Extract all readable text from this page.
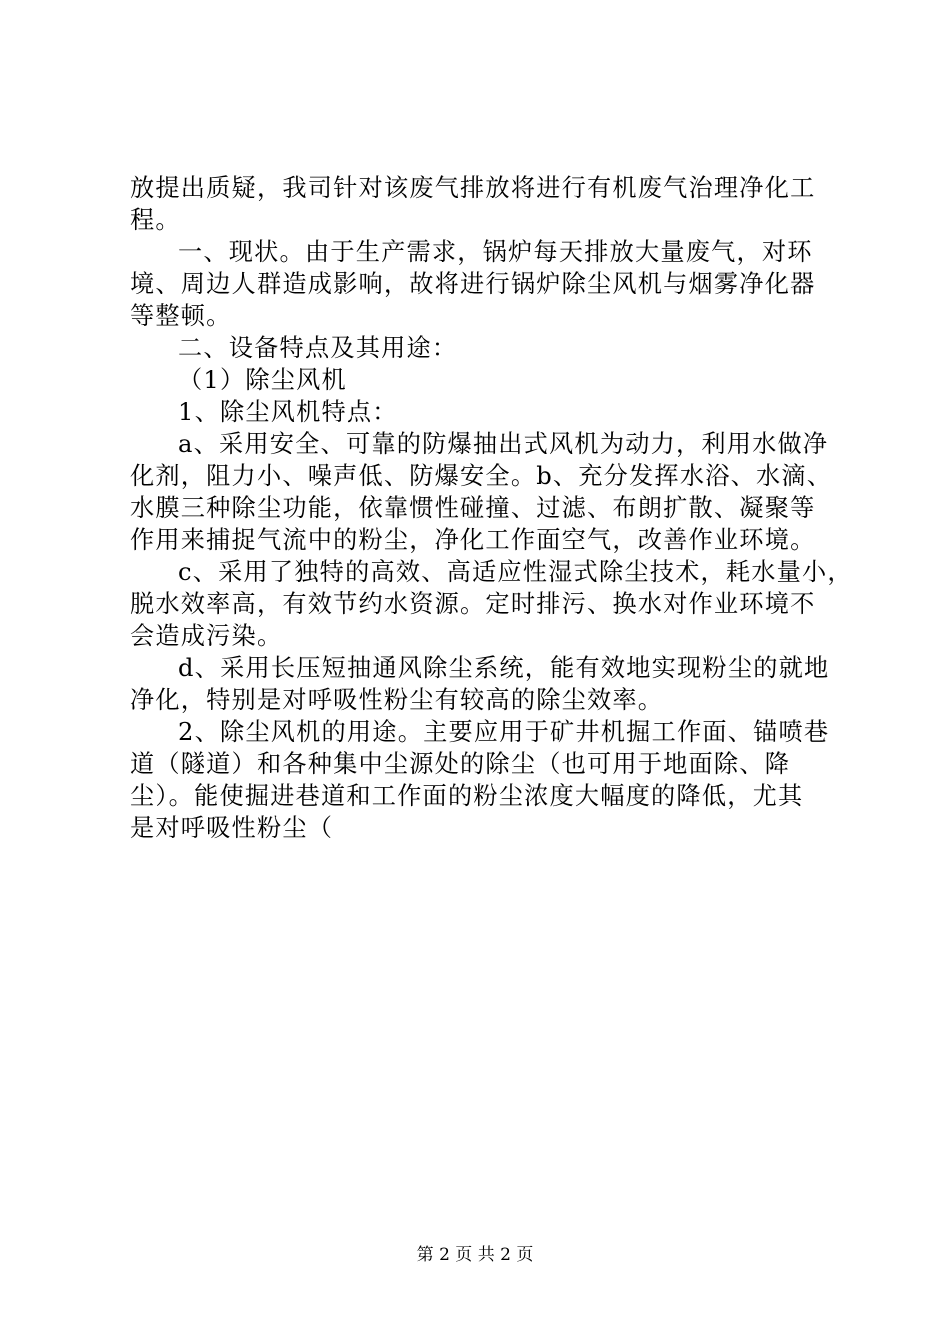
放提出质疑，我司针对该废气排放将进行有机废气治理净化工
程。
一、现状。由于生产需求，锅炉每天排放大量废气，对环
境、周边人群造成影响，故将进行锅炉除尘风机与烟雾净化器
等整顿。
二、设备特点及其用途：
（1）除尘风机
1、除尘风机特点：
a、采用安全、可靠的防爆抽出式风机为动力，利用水做净
化剂，阻力小、噪声低、防爆安全。b、充分发挥水浴、水滴、
水膜三种除尘功能，依靠惯性碰撞、过滤、布朗扩散、凝聚等
作用来捕捉气流中的粉尘，净化工作面空气，改善作业环境。
c、采用了独特的高效、高适应性湿式除尘技术，耗水量小，
脱水效率高，有效节约水资源。定时排污、换水对作业环境不
会造成污染。
d、采用长压短抽通风除尘系统，能有效地实现粉尘的就地
净化，特别是对呼吸性粉尘有较高的除尘效率。
2、除尘风机的用途。主要应用于矿井机掘工作面、锚喷巷
道（隧道）和各种集中尘源处的除尘（也可用于地面除、降
尘）。能使掘进巷道和工作面的粉尘浓度大幅度的降低，尤其
是对呼吸性粉尘（
第 2 页 共 2 页
